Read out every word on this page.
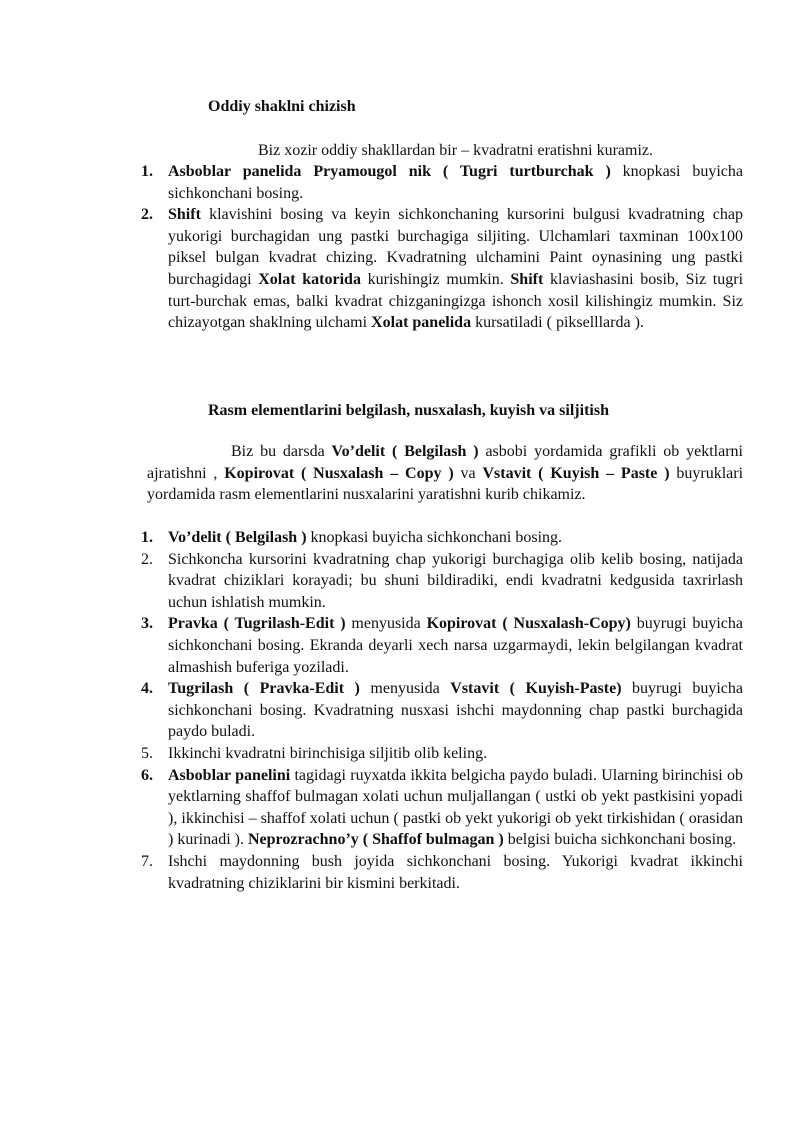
Oddiy shaklni chizish

Biz xozir oddiy shakllardan bir – kvadratni eratishni kuramiz.

1. Asboblar panelida Pryamougol nik ( Tugri turtburchak ) knopkasi buyicha sichkonchani bosing.
2. Shift klavishini bosing va keyin sichkonchaning kursorini bulgusi kvadratning chap yukorigi burchagidan ung pastki burchagiga siljiting. Ulchamlari taxminan 100x100 piksel bulgan kvadrat chizing. Kvadratning ulchamini Paint oynasining ung pastki burchagidagi Xolat katorida kurishingiz mumkin. Shift klaviashasini bosib, Siz tugri turt-burchak emas, balki kvadrat chizganingizga ishonch xosil kilishingiz mumkin. Siz chizayotgan shaklning ulchami Xolat panelida kursatiladi ( pikselllarda ).

Rasm elementlarini belgilash, nusxalash, kuyish va siljitish

Biz bu darsda Vo’delit ( Belgilash ) asbobi yordamida grafikli ob yektlarni ajratishni , Kopirovat ( Nusxalash – Copy ) va Vstavit ( Kuyish – Paste ) buyruklari yordamida rasm elementlarini nusxalarini yaratishni kurib chikamiz.

1. Vo’delit ( Belgilash ) knopkasi buyicha sichkonchani bosing.
2. Sichkoncha kursorini kvadratning chap yukorigi burchagiga olib kelib bosing, natijada kvadrat chiziklari korayadi; bu shuni bildiradiki, endi kvadratni kedgusida taxrirlash uchun ishlatish mumkin.
3. Pravka ( Tugrilash-Edit ) menyusida Kopirovat ( Nusxalash-Copy) buyrugi buyicha sichkonchani bosing. Ekranda deyarli xech narsa uzgarmaydi, lekin belgilangan kvadrat almashish buferiga yoziladi.
4. Tugrilash ( Pravka-Edit ) menyusida Vstavit ( Kuyish-Paste) buyrugi buyicha sichkonchani bosing. Kvadratning nusxasi ishchi maydonning chap pastki burchagida paydo buladi.
5. Ikkinchi kvadratni birinchisiga siljitib olib keling.
6. Asboblar panelini tagidagi ruyxatda ikkita belgicha paydo buladi. Ularning birinchisi ob yektlarning shaffof bulmagan xolati uchun muljallangan ( ustki ob yekt pastkisini yopadi ), ikkinchisi – shaffof xolati uchun ( pastki ob yekt yukorigi ob yekt tirkishidan ( orasidan ) kurinadi ). Neprozrachno’y ( Shaffof bulmagan ) belgisi buicha sichkonchani bosing.
7. Ishchi maydonning bush joyida sichkonchani bosing. Yukorigi kvadrat ikkinchi kvadratning chiziklarini bir kismini berkitadi.
